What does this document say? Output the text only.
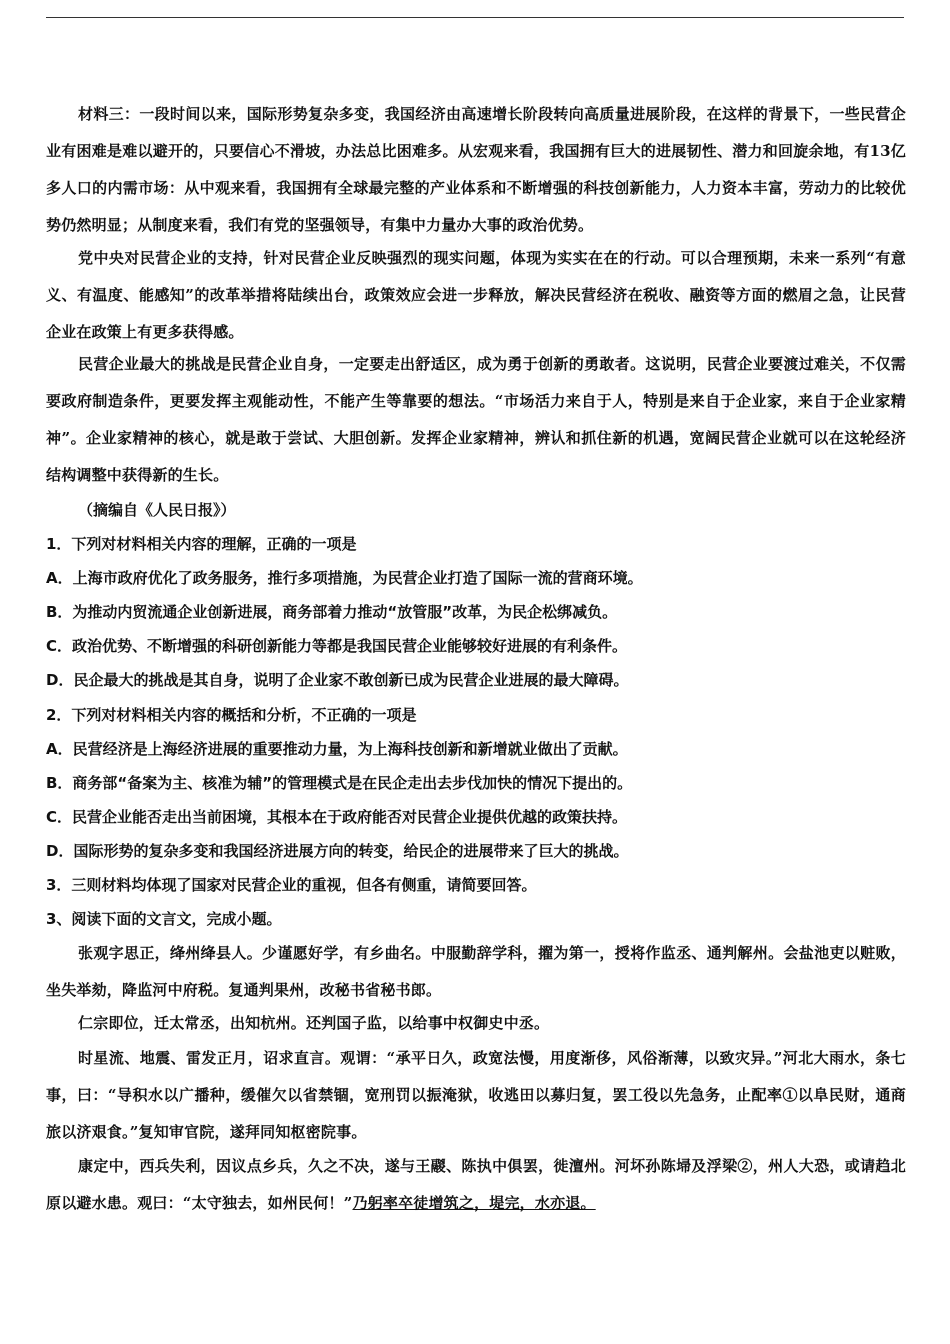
材料三：一段时间以来，国际形势复杂多变，我国经济由高速增长阶段转向高质量进展阶段，在这样的背景下，一些民营企业有困难是难以避开的，只要信心不滑坡，办法总比困难多。从宏观来看，我国拥有巨大的进展韧性、潜力和回旋余地，有13亿多人口的内需市场：从中观来看，我国拥有全球最完整的产业体系和不断增强的科技创新能力，人力资本丰富，劳动力的比较优势仍然明显；从制度来看，我们有党的坚强领导，有集中力量办大事的政治优势。

党中央对民营企业的支持，针对民营企业反映强烈的现实问题，体现为实实在在的行动。可以合理预期，未来一系列“有意义、有温度、能感知”的改革举措将陆续出台，政策效应会进一步释放，解决民营经济在税收、融资等方面的燃眉之急，让民营企业在政策上有更多获得感。

民营企业最大的挑战是民营企业自身，一定要走出舒适区，成为勇于创新的勇敢者。这说明，民营企业要渡过难关，不仅需要政府制造条件，更要发挥主观能动性，不能产生等靠要的想法。“市场活力来自于人，特别是来自于企业家，来自于企业家精神”。企业家精神的核心，就是敢于尝试、大胆创新。发挥企业家精神，辨认和抓住新的机遇，宽阔民营企业就可以在这轮经济结构调整中获得新的生长。

（摘编自《人民日报》）

1．下列对材料相关内容的理解，正确的一项是

A．上海市政府优化了政务服务，推行多项措施，为民营企业打造了国际一流的营商环境。

B．为推动内贸流通企业创新进展，商务部着力推动“放管服”改革，为民企松绑减负。

C．政治优势、不断增强的科研创新能力等都是我国民营企业能够较好进展的有利条件。

D．民企最大的挑战是其自身，说明了企业家不敢创新已成为民营企业进展的最大障碍。

2．下列对材料相关内容的概括和分析，不正确的一项是

A．民营经济是上海经济进展的重要推动力量，为上海科技创新和新增就业做出了贡献。

B．商务部“备案为主、核准为辅”的管理模式是在民企走出去步伐加快的情况下提出的。

C．民营企业能否走出当前困境，其根本在于政府能否对民营企业提供优越的政策扶持。

D．国际形势的复杂多变和我国经济进展方向的转变，给民企的进展带来了巨大的挑战。

3．三则材料均体现了国家对民营企业的重视，但各有侧重，请简要回答。

3、阅读下面的文言文，完成小题。

张观字思正，绛州绛县人。少谨愿好学，有乡曲名。中服勤辞学科，擢为第一，授将作监丞、通判解州。会盐池吏以赃败，坐失举劾，降监河中府税。复通判果州，改秘书省秘书郎。

仁宗即位，迁太常丞，出知杭州。还判国子监，以给事中权御史中丞。

时星流、地震、雷发正月，诏求直言。观谓：“承平日久，政宽法慢，用度渐侈，风俗渐薄，以致灾异。”河北大雨水，条七事，曰：“导积水以广播种，缓催欠以省禁锢，宽刑罚以振淹狱，收逃田以募归复，罢工役以先急务，止配率①以阜民财，通商旅以济艰食。”复知审官院，遂拜同知枢密院事。

康定中，西兵失利，因议点乡兵，久之不决，遂与王鬷、陈执中俱罢，徙澶州。河坏孙陈埽及浮梁②，州人大恐，或请趋北原以避水患。观曰：“太守独去，如州民何！”乃躬率卒徒增筑之，堤完，水亦退。
